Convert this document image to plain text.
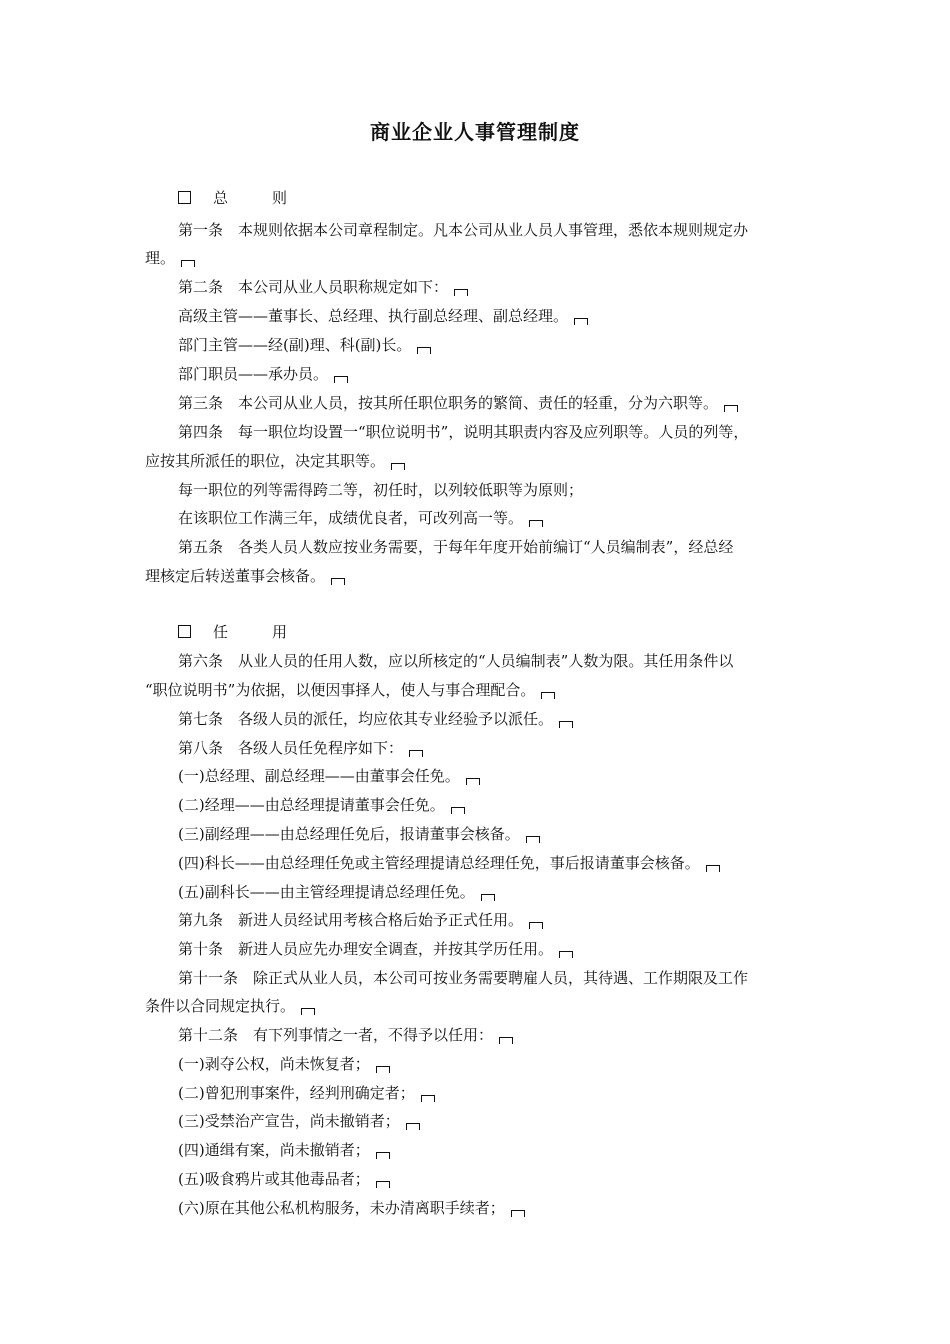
商业企业人事管理制度
总	则
第一条　本规则依据本公司章程制定。凡本公司从业人员人事管理，悉依本规则规定办
理。
第二条　本公司从业人员职称规定如下：
高级主管——董事长、总经理、执行副总经理、副总经理。
部门主管——经(副)理、科(副)长。
部门职员——承办员。
第三条　本公司从业人员，按其所任职位职务的繁简、责任的轻重，分为六职等。
第四条　每一职位均设置一“职位说明书”，说明其职责内容及应列职等。人员的列等，
应按其所派任的职位，决定其职等。
每一职位的列等需得跨二等，初任时，以列较低职等为原则；
在该职位工作满三年，成绩优良者，可改列高一等。
第五条　各类人员人数应按业务需要，于每年年度开始前编订“人员编制表”，经总经
理核定后转送董事会核备。
任	用
第六条　从业人员的任用人数，应以所核定的“人员编制表”人数为限。其任用条件以
“职位说明书”为依据，以便因事择人，使人与事合理配合。
第七条　各级人员的派任，均应依其专业经验予以派任。
第八条　各级人员任免程序如下：
(一)总经理、副总经理——由董事会任免。
(二)经理——由总经理提请董事会任免。
(三)副经理——由总经理任免后，报请董事会核备。
(四)科长——由总经理任免或主管经理提请总经理任免，事后报请董事会核备。
(五)副科长——由主管经理提请总经理任免。
第九条　新进人员经试用考核合格后始予正式任用。
第十条　新进人员应先办理安全调查，并按其学历任用。
第十一条　除正式从业人员，本公司可按业务需要聘雇人员，其待遇、工作期限及工作
条件以合同规定执行。
第十二条　有下列事情之一者，不得予以任用：
(一)剥夺公权，尚未恢复者；
(二)曾犯刑事案件，经判刑确定者；
(三)受禁治产宣告，尚未撤销者；
(四)通缉有案，尚未撤销者；
(五)吸食鸦片或其他毒品者；
(六)原在其他公私机构服务，未办清离职手续者；
